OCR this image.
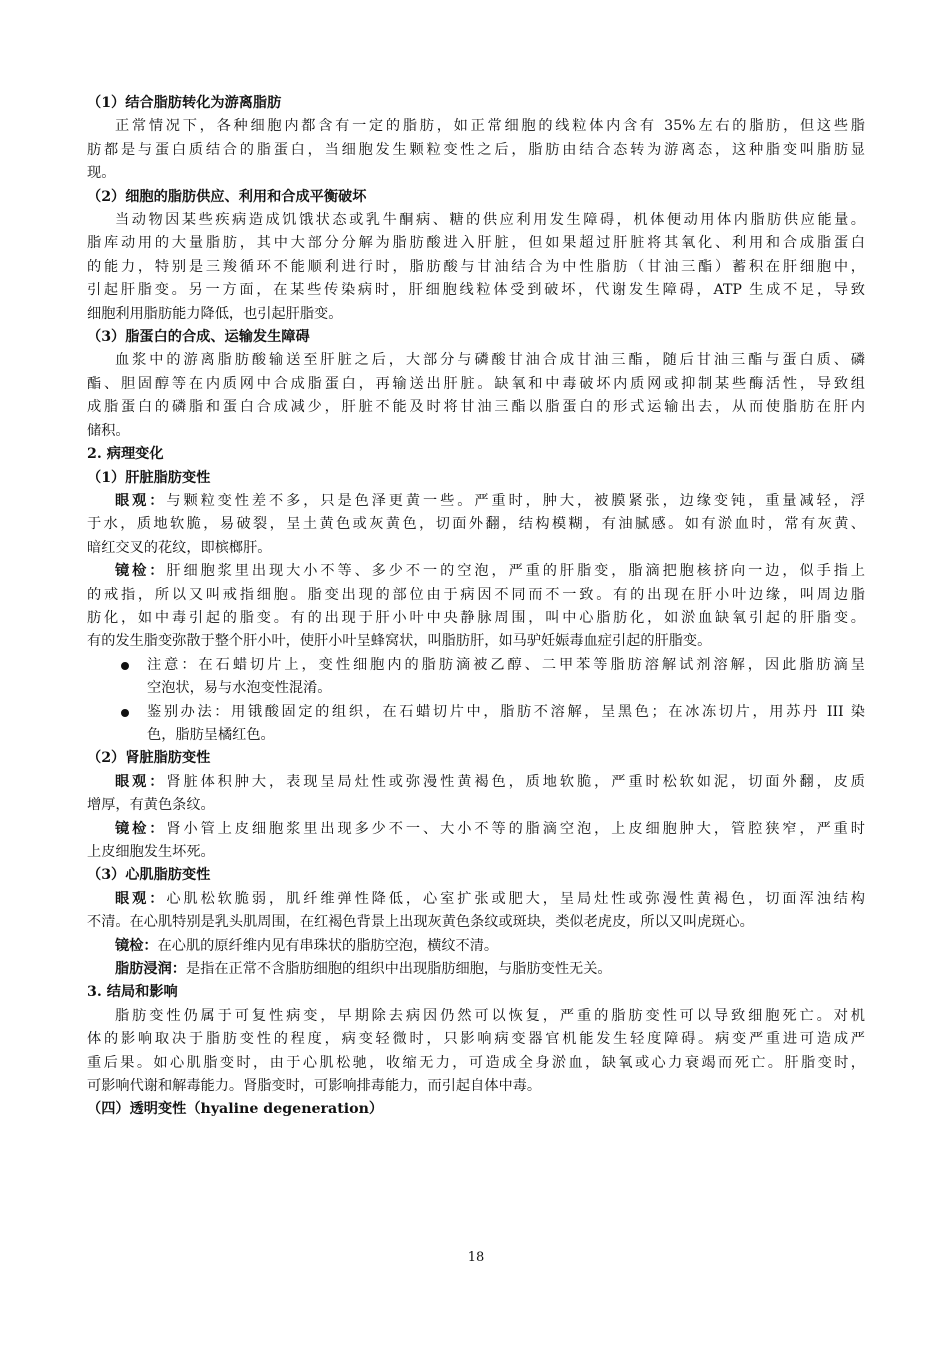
（1）结合脂肪转化为游离脂肪
正常情况下，各种细胞内都含有一定的脂肪，如正常细胞的线粒体内含有 35%左右的脂肪，但这些脂
肪都是与蛋白质结合的脂蛋白，当细胞发生颗粒变性之后，脂肪由结合态转为游离态，这种脂变叫脂肪显
现。
（2）细胞的脂肪供应、利用和合成平衡破坏
当动物因某些疾病造成饥饿状态或乳牛酮病、糖的供应利用发生障碍，机体便动用体内脂肪供应能量。
脂库动用的大量脂肪，其中大部分分解为脂肪酸进入肝脏，但如果超过肝脏将其氧化、利用和合成脂蛋白
的能力，特别是三羧循环不能顺利进行时，脂肪酸与甘油结合为中性脂肪（甘油三酯）蓄积在肝细胞中，
引起肝脂变。另一方面，在某些传染病时，肝细胞线粒体受到破坏，代谢发生障碍，ATP 生成不足，导致
细胞利用脂肪能力降低，也引起肝脂变。
（3）脂蛋白的合成、运输发生障碍
血浆中的游离脂肪酸输送至肝脏之后，大部分与磷酸甘油合成甘油三酯，随后甘油三酯与蛋白质、磷
酯、胆固醇等在内质网中合成脂蛋白，再输送出肝脏。缺氧和中毒破坏内质网或抑制某些酶活性，导致组
成脂蛋白的磷脂和蛋白合成减少，肝脏不能及时将甘油三酯以脂蛋白的形式运输出去，从而使脂肪在肝内
储积。
2. 病理变化
（1）肝脏脂肪变性
眼观：与颗粒变性差不多，只是色泽更黄一些。严重时，肿大，被膜紧张，边缘变钝，重量减轻，浮
于水，质地软脆，易破裂，呈土黄色或灰黄色，切面外翻，结构模糊，有油腻感。如有淤血时，常有灰黄、
暗红交叉的花纹，即槟榔肝。
镜检：肝细胞浆里出现大小不等、多少不一的空泡，严重的肝脂变，脂滴把胞核挤向一边，似手指上
的戒指，所以又叫戒指细胞。脂变出现的部位由于病因不同而不一致。有的出现在肝小叶边缘，叫周边脂
肪化，如中毒引起的脂变。有的出现于肝小叶中央静脉周围，叫中心脂肪化，如淤血缺氧引起的肝脂变。
有的发生脂变弥散于整个肝小叶，使肝小叶呈蜂窝状，叫脂肪肝，如马驴妊娠毒血症引起的肝脂变。
注意：在石蜡切片上，变性细胞内的脂肪滴被乙醇、二甲苯等脂肪溶解试剂溶解，因此脂肪滴呈
空泡状，易与水泡变性混淆。
鉴别办法：用锇酸固定的组织，在石蜡切片中，脂肪不溶解，呈黑色；在冰冻切片，用苏丹 III 染
色，脂肪呈橘红色。
（2）肾脏脂肪变性
眼观：肾脏体积肿大，表现呈局灶性或弥漫性黄褐色，质地软脆，严重时松软如泥，切面外翻，皮质
增厚，有黄色条纹。
镜检：肾小管上皮细胞浆里出现多少不一、大小不等的脂滴空泡，上皮细胞肿大，管腔狭窄，严重时
上皮细胞发生坏死。
（3）心肌脂肪变性
眼观：心肌松软脆弱，肌纤维弹性降低，心室扩张或肥大，呈局灶性或弥漫性黄褐色，切面浑浊结构
不清。在心肌特别是乳头肌周围，在红褐色背景上出现灰黄色条纹或斑块，类似老虎皮，所以又叫虎斑心。
镜检：在心肌的原纤维内见有串珠状的脂肪空泡，横纹不清。
脂肪浸润：是指在正常不含脂肪细胞的组织中出现脂肪细胞，与脂肪变性无关。
3. 结局和影响
脂肪变性仍属于可复性病变，早期除去病因仍然可以恢复，严重的脂肪变性可以导致细胞死亡。对机
体的影响取决于脂肪变性的程度，病变轻微时，只影响病变器官机能发生轻度障碍。病变严重进可造成严
重后果。如心肌脂变时，由于心肌松驰，收缩无力，可造成全身淤血，缺氧或心力衰竭而死亡。肝脂变时，
可影响代谢和解毒能力。肾脂变时，可影响排毒能力，而引起自体中毒。
（四）透明变性（hyaline degeneration）
18
